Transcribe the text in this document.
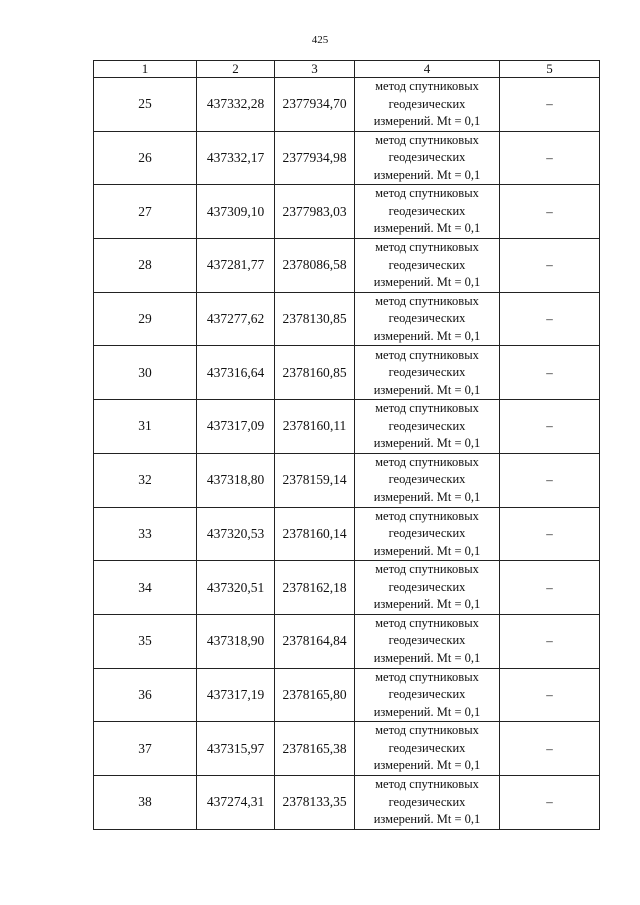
425
1	2	3	4	5
25	437332,28	2377934,70	метод спутниковых
геодезических
измерений. Mt = 0,1	–
26	437332,17	2377934,98	метод спутниковых
геодезических
измерений. Mt = 0,1	–
27	437309,10	2377983,03	метод спутниковых
геодезических
измерений. Mt = 0,1	–
28	437281,77	2378086,58	метод спутниковых
геодезических
измерений. Mt = 0,1	–
29	437277,62	2378130,85	метод спутниковых
геодезических
измерений. Mt = 0,1	–
30	437316,64	2378160,85	метод спутниковых
геодезических
измерений. Mt = 0,1	–
31	437317,09	2378160,11	метод спутниковых
геодезических
измерений. Mt = 0,1	–
32	437318,80	2378159,14	метод спутниковых
геодезических
измерений. Mt = 0,1	–
33	437320,53	2378160,14	метод спутниковых
геодезических
измерений. Mt = 0,1	–
34	437320,51	2378162,18	метод спутниковых
геодезических
измерений. Mt = 0,1	–
35	437318,90	2378164,84	метод спутниковых
геодезических
измерений. Mt = 0,1	–
36	437317,19	2378165,80	метод спутниковых
геодезических
измерений. Mt = 0,1	–
37	437315,97	2378165,38	метод спутниковых
геодезических
измерений. Mt = 0,1	–
38	437274,31	2378133,35	метод спутниковых
геодезических
измерений. Mt = 0,1	–
